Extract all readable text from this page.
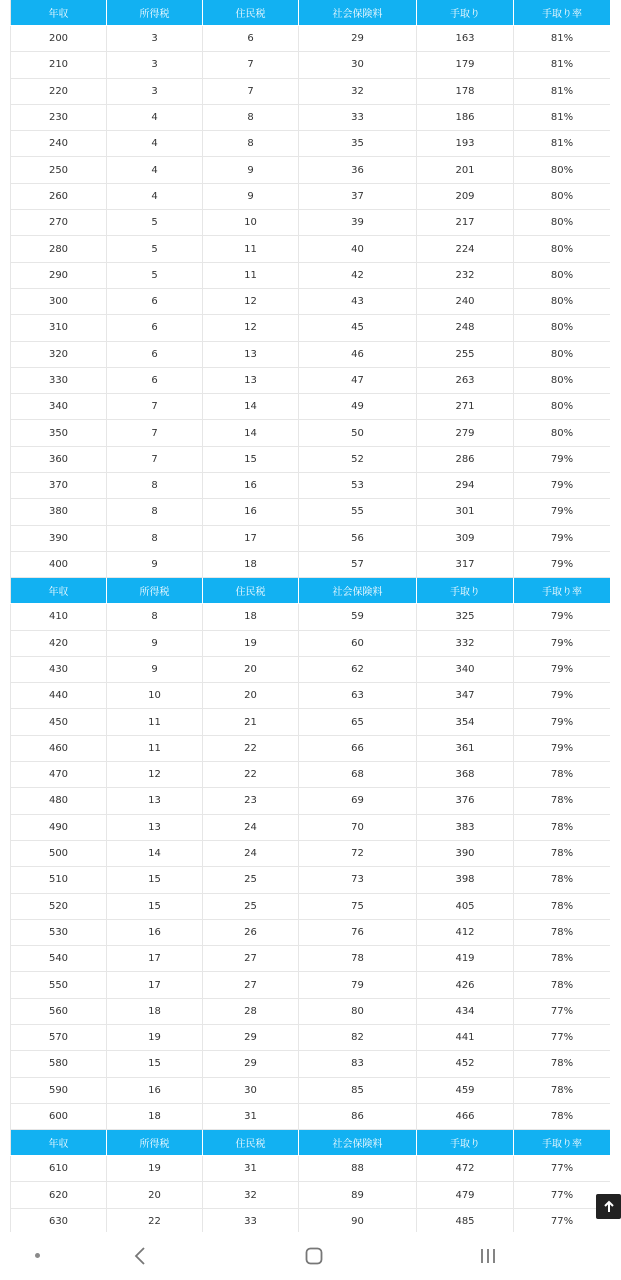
年収	所得税	住民税	社会保険料	手取り	手取り率
200	3	6	29	163	81%
210	3	7	30	179	81%
220	3	7	32	178	81%
230	4	8	33	186	81%
240	4	8	35	193	81%
250	4	9	36	201	80%
260	4	9	37	209	80%
270	5	10	39	217	80%
280	5	11	40	224	80%
290	5	11	42	232	80%
300	6	12	43	240	80%
310	6	12	45	248	80%
320	6	13	46	255	80%
330	6	13	47	263	80%
340	7	14	49	271	80%
350	7	14	50	279	80%
360	7	15	52	286	79%
370	8	16	53	294	79%
380	8	16	55	301	79%
390	8	17	56	309	79%
400	9	18	57	317	79%
年収	所得税	住民税	社会保険料	手取り	手取り率
410	8	18	59	325	79%
420	9	19	60	332	79%
430	9	20	62	340	79%
440	10	20	63	347	79%
450	11	21	65	354	79%
460	11	22	66	361	79%
470	12	22	68	368	78%
480	13	23	69	376	78%
490	13	24	70	383	78%
500	14	24	72	390	78%
510	15	25	73	398	78%
520	15	25	75	405	78%
530	16	26	76	412	78%
540	17	27	78	419	78%
550	17	27	79	426	78%
560	18	28	80	434	77%
570	19	29	82	441	77%
580	15	29	83	452	78%
590	16	30	85	459	78%
600	18	31	86	466	78%
年収	所得税	住民税	社会保険料	手取り	手取り率
610	19	31	88	472	77%
620	20	32	89	479	77%
630	22	33	90	485	77%
